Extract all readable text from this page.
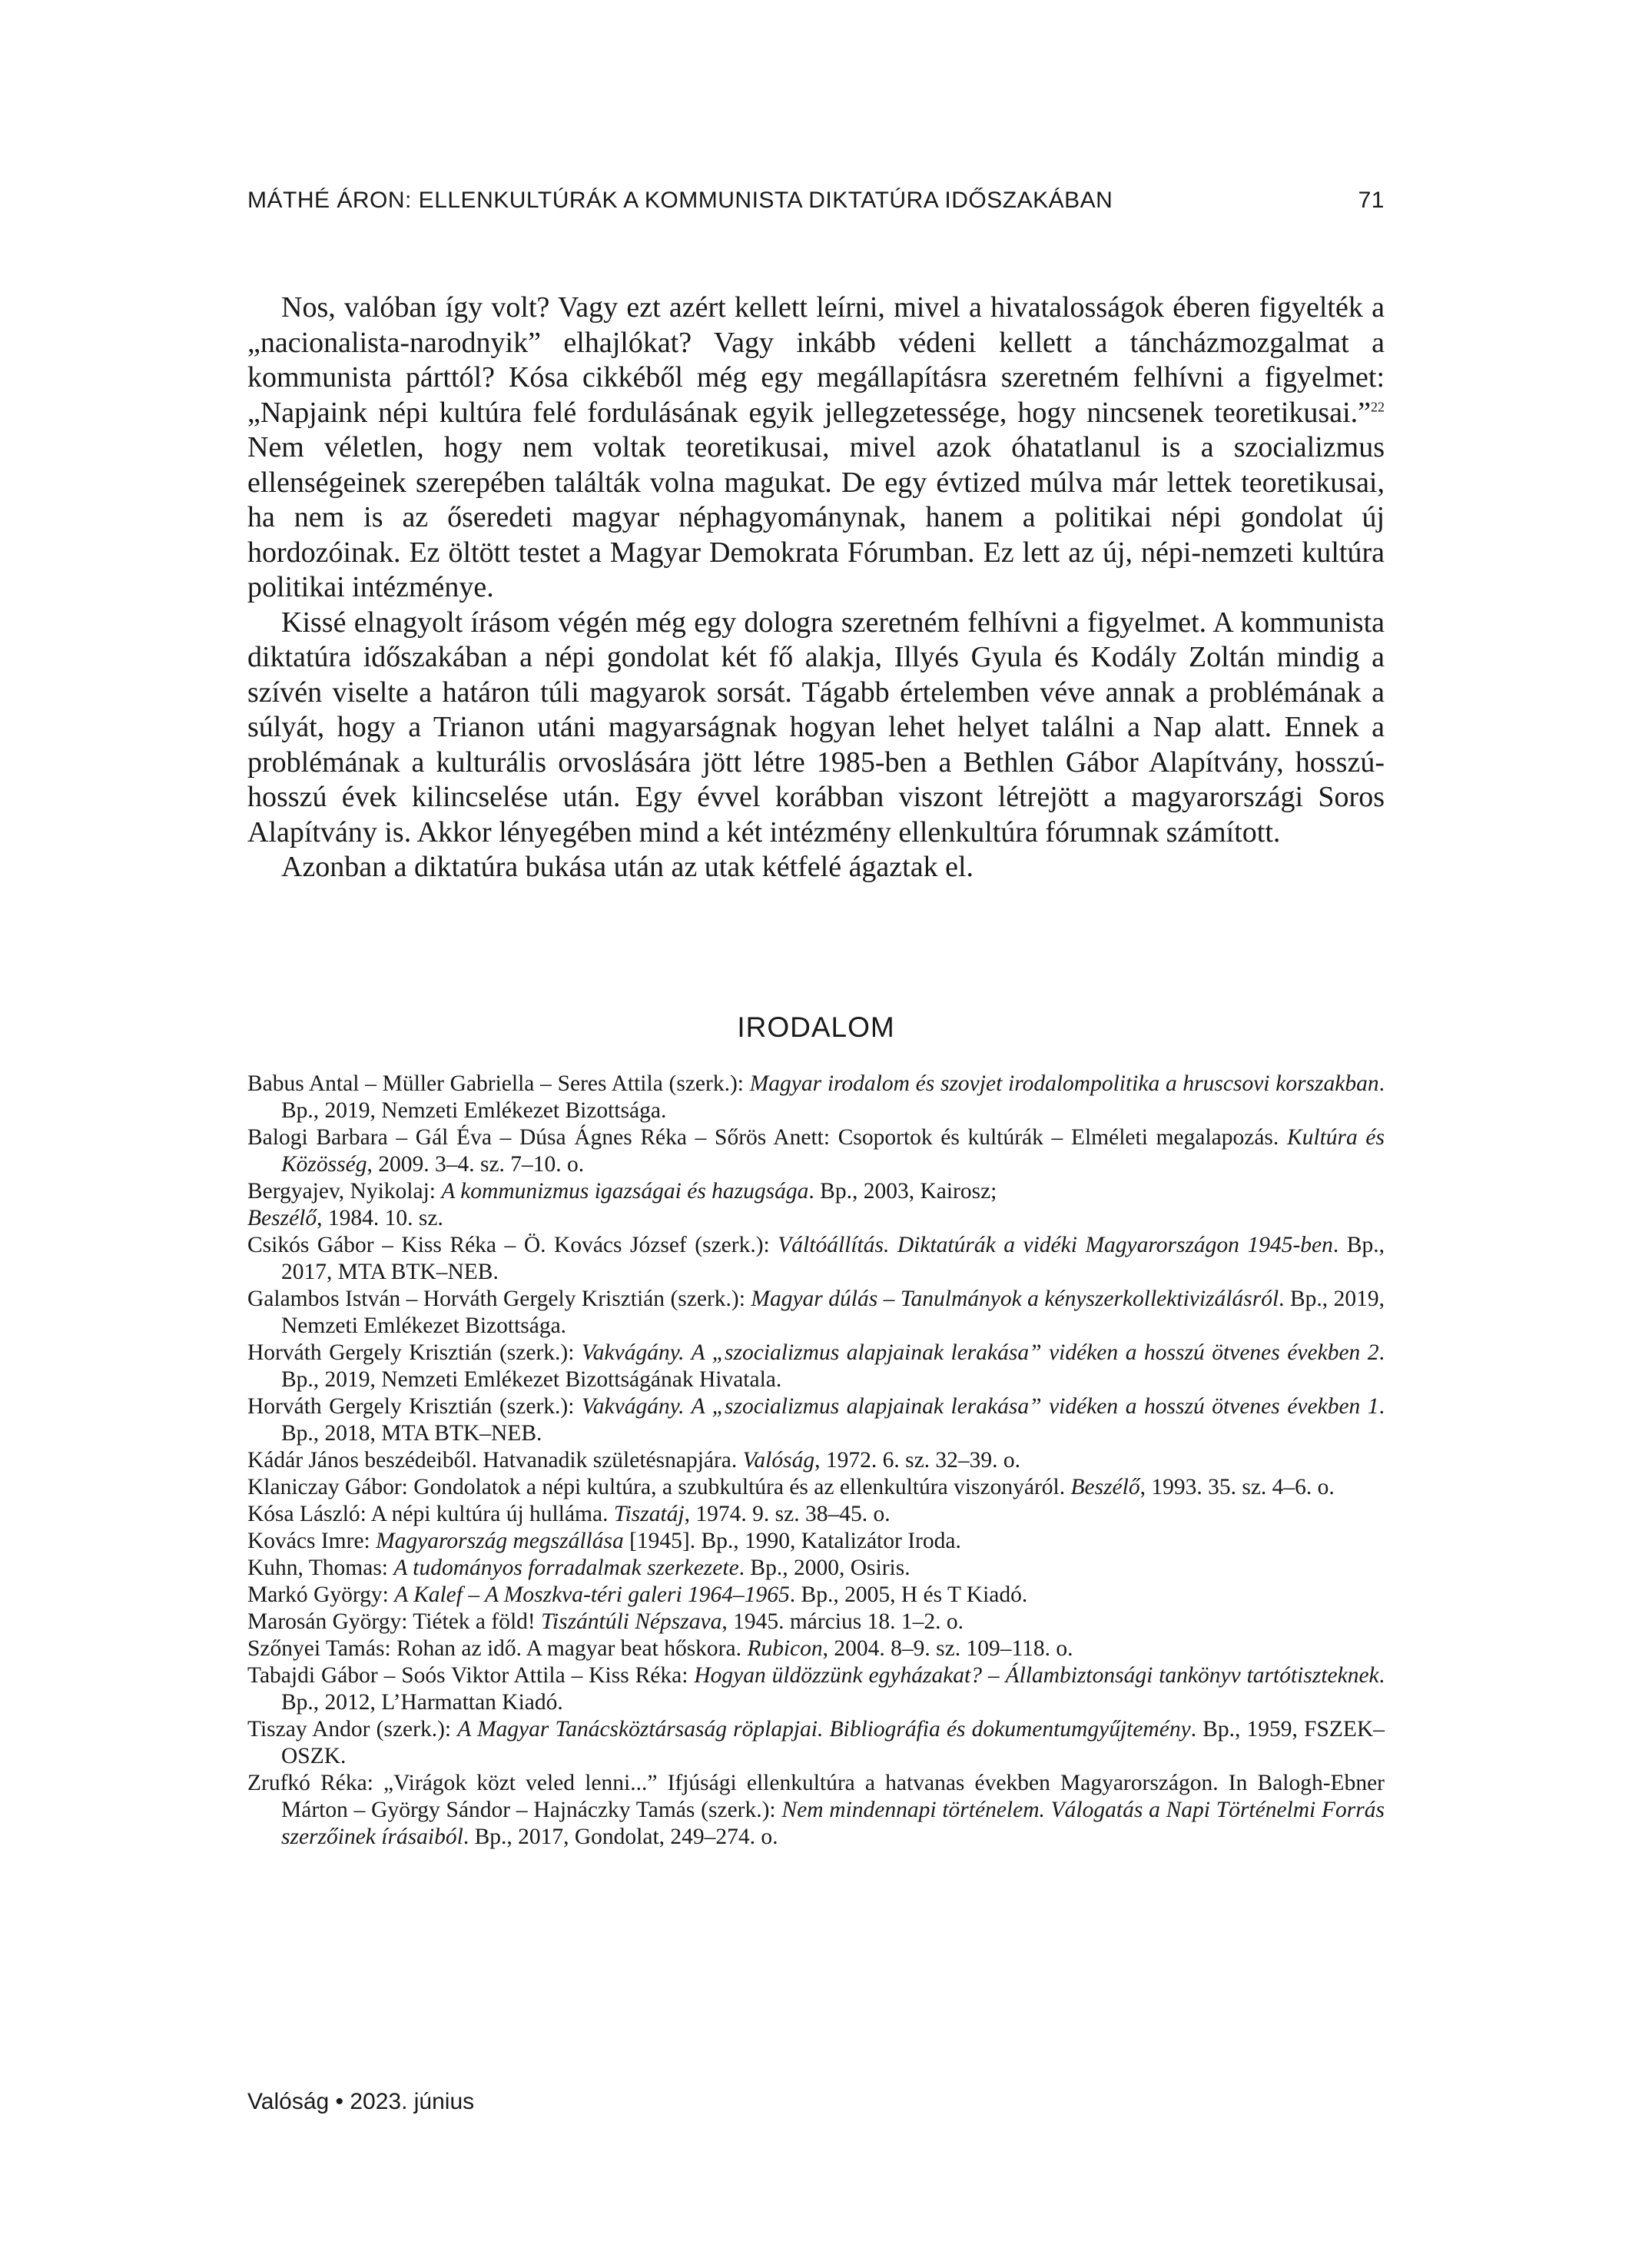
MÁTHÉ ÁRON: ELLENKULTÚRÁK A KOMMUNISTA DIKTATÚRA IDŐSZAKÁBAN	71

Nos, valóban így volt? Vagy ezt azért kellett leírni, mivel a hivatalosságok éberen figyelték a „nacionalista-narodnyik” elhajlókat? Vagy inkább védeni kellett a táncházmozgalmat a kommunista párttól? Kósa cikkéből még egy megállapításra szeretném felhívni a figyelmet: „Napjaink népi kultúra felé fordulásának egyik jellegzetessége, hogy nincsenek teoretikusai.”$^{22}$ Nem véletlen, hogy nem voltak teoretikusai, mivel azok óhatatlanul is a szocializmus ellenségeinek szerepében találták volna magukat. De egy évtized múlva már lettek teoretikusai, ha nem is az őseredeti magyar néphagyománynak, hanem a politikai népi gondolat új hordozóinak. Ez öltött testet a Magyar Demokrata Fórumban. Ez lett az új, népi-nemzeti kultúra politikai intézménye.

Kissé elnagyolt írásom végén még egy dologra szeretném felhívni a figyelmet. A kommunista diktatúra időszakában a népi gondolat két fő alakja, Illyés Gyula és Kodály Zoltán mindig a szívén viselte a határon túli magyarok sorsát. Tágabb értelemben véve annak a problémának a súlyát, hogy a Trianon utáni magyarságnak hogyan lehet helyet találni a Nap alatt. Ennek a problémának a kulturális orvoslására jött létre 1985-ben a Bethlen Gábor Alapítvány, hosszú-hosszú évek kilincselése után. Egy évvel korábban viszont létrejött a magyarországi Soros Alapítvány is. Akkor lényegében mind a két intézmény ellenkultúra fórumnak számított.

Azonban a diktatúra bukása után az utak kétfelé ágaztak el.

IRODALOM

Babus Antal – Müller Gabriella – Seres Attila (szerk.): Magyar irodalom és szovjet irodalompolitika a hruscsovi korszakban. Bp., 2019, Nemzeti Emlékezet Bizottsága.

Balogi Barbara – Gál Éva – Dúsa Ágnes Réka – Sőrös Anett: Csoportok és kultúrák – Elméleti megalapozás. Kultúra és Közösség, 2009. 3–4. sz. 7–10. o.

Bergyajev, Nyikolaj: A kommunizmus igazságai és hazugsága. Bp., 2003, Kairosz;

Beszélő, 1984. 10. sz.

Csikós Gábor – Kiss Réka – Ö. Kovács József (szerk.): Váltóállítás. Diktatúrák a vidéki Magyarországon 1945-ben. Bp., 2017, MTA BTK–NEB.

Galambos István – Horváth Gergely Krisztián (szerk.): Magyar dúlás – Tanulmányok a kényszerkollektivizálásról. Bp., 2019, Nemzeti Emlékezet Bizottsága.

Horváth Gergely Krisztián (szerk.): Vakvágány. A „szocializmus alapjainak lerakása” vidéken a hosszú ötvenes években 2. Bp., 2019, Nemzeti Emlékezet Bizottságának Hivatala.

Horváth Gergely Krisztián (szerk.): Vakvágány. A „szocializmus alapjainak lerakása” vidéken a hosszú ötvenes években 1. Bp., 2018, MTA BTK–NEB.

Kádár János beszédeiből. Hatvanadik születésnapjára. Valóság, 1972. 6. sz. 32–39. o.

Klaniczay Gábor: Gondolatok a népi kultúra, a szubkultúra és az ellenkultúra viszonyáról. Beszélő, 1993. 35. sz. 4–6. o.

Kósa László: A népi kultúra új hulláma. Tiszatáj, 1974. 9. sz. 38–45. o.

Kovács Imre: Magyarország megszállása [1945]. Bp., 1990, Katalizátor Iroda.

Kuhn, Thomas: A tudományos forradalmak szerkezete. Bp., 2000, Osiris.

Markó György: A Kalef – A Moszkva-téri galeri 1964–1965. Bp., 2005, H és T Kiadó.

Marosán György: Tiétek a föld! Tiszántúli Népszava, 1945. március 18. 1–2. o.

Szőnyei Tamás: Rohan az idő. A magyar beat hőskora. Rubicon, 2004. 8–9. sz. 109–118. o.

Tabajdi Gábor – Soós Viktor Attila – Kiss Réka: Hogyan üldözzünk egyházakat? – Állambiztonsági tankönyv tartótiszteknek. Bp., 2012, L’Harmattan Kiadó.

Tiszay Andor (szerk.): A Magyar Tanácsköztársaság röplapjai. Bibliográfia és dokumentumgyűjtemény. Bp., 1959, FSZEK–OSZK.

Zrufkó Réka: „Virágok közt veled lenni...” Ifjúsági ellenkultúra a hatvanas években Magyarországon. In Balogh-Ebner Márton – György Sándor – Hajnáczky Tamás (szerk.): Nem mindennapi történelem. Válogatás a Napi Történelmi Forrás szerzőinek írásaiból. Bp., 2017, Gondolat, 249–274. o.

Valóság • 2023. június
